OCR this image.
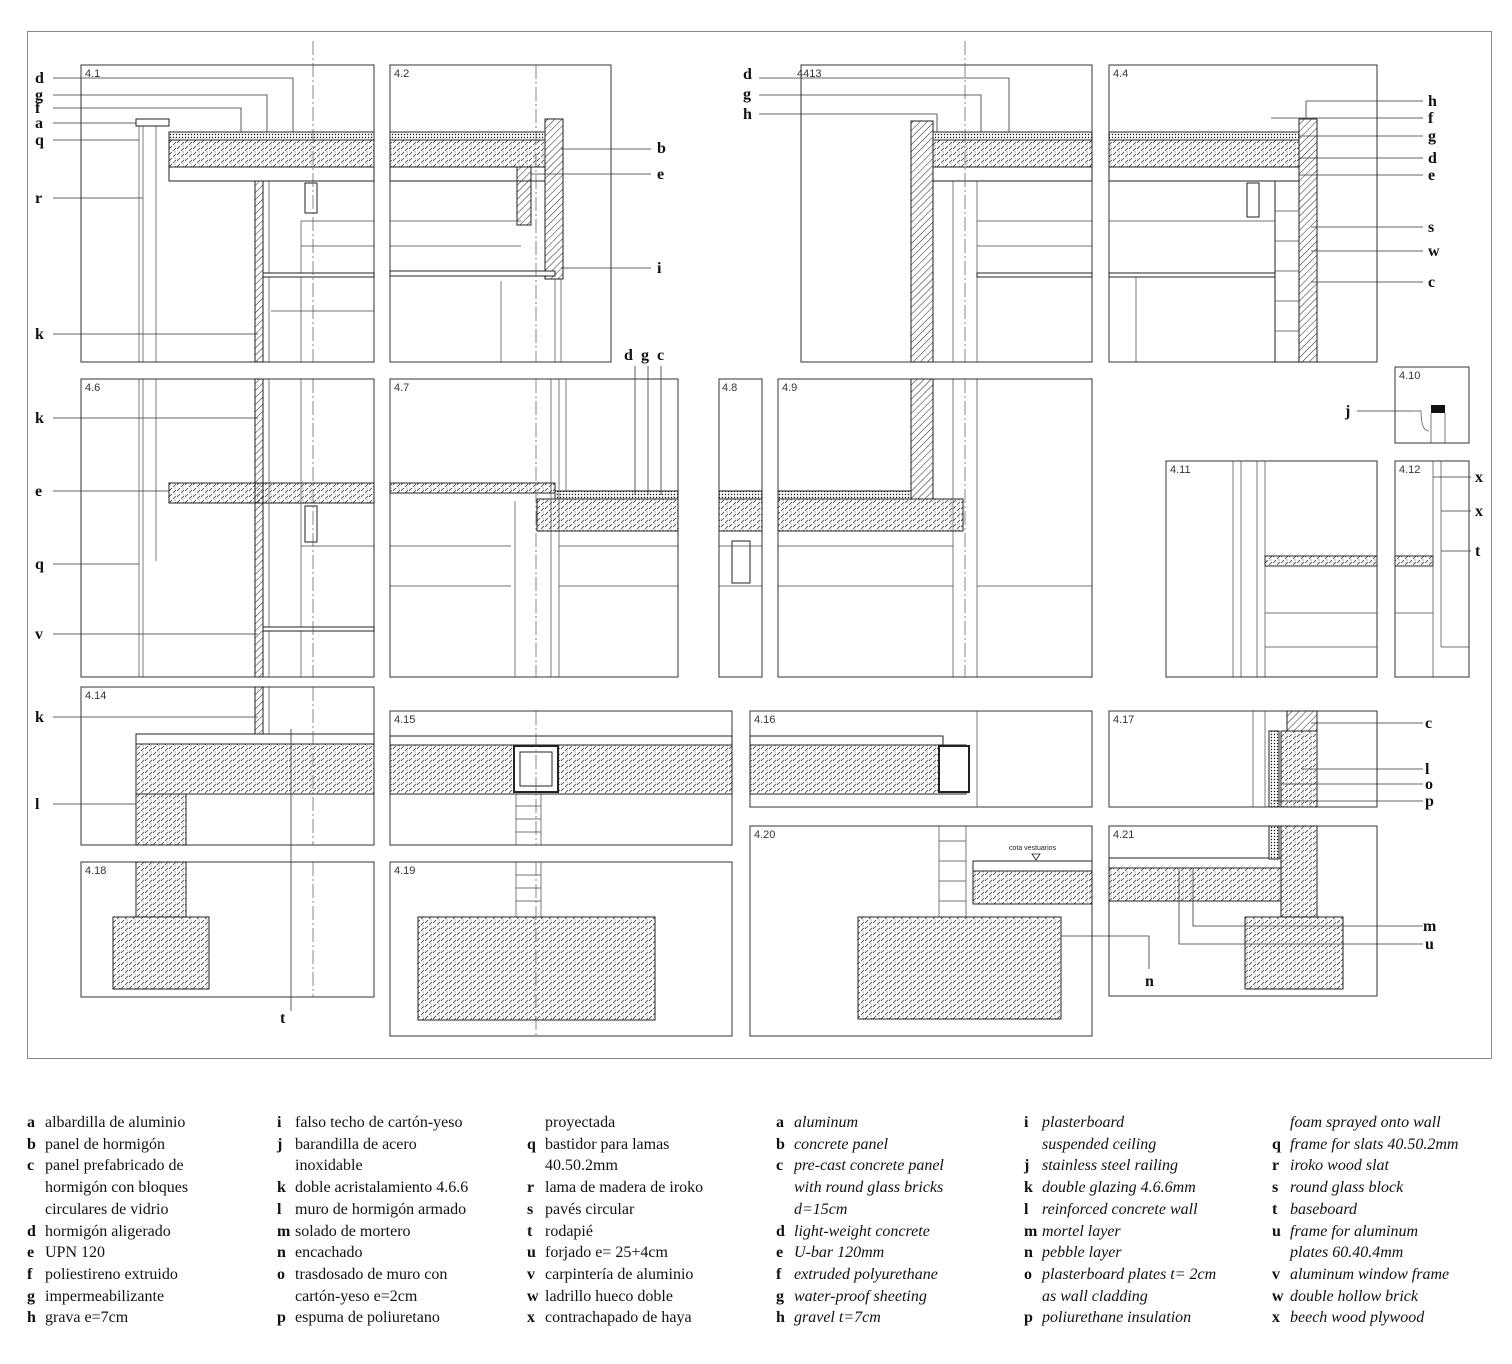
4.1	4.2	4413	4.4
4.6	4.7	4.8	4.9
4.10
4.11	4.12
4.14
4.15	4.16	4.17
4.18	4.19
4.20
cota vestuarios
4.21
d
g
f
a
q
r
k
k
e
q
v
k
l
t
b
e
i
d g c
d
g
h
h
f
g
d
e
s
w
c
j
x
x
t
c
l
o
p
m
u
n
a albardilla de aluminio
b panel de hormigón
c panel prefabricado de
hormigón con bloques
circulares de vidrio
d hormigón aligerado
e UPN 120
f poliestireno extruido
g impermeabilizante
h grava e=7cm
i falso techo de cartón-yeso
j barandilla de acero
inoxidable
k doble acristalamiento 4.6.6
l muro de hormigón armado
m solado de mortero
n encachado
o trasdosado de muro con
cartón-yeso e=2cm
p espuma de poliuretano
proyectada
q bastidor para lamas
40.50.2mm
r lama de madera de iroko
s pavés circular
t rodapié
u forjado e= 25+4cm
v carpintería de aluminio
w ladrillo hueco doble
x contrachapado de haya
a aluminum
b concrete panel
c pre-cast concrete panel
with round glass bricks
d=15cm
d light-weight concrete
e U-bar 120mm
f extruded polyurethane
g water-proof sheeting
h gravel t=7cm
i plasterboard
suspended ceiling
j stainless steel railing
k double glazing 4.6.6mm
l reinforced concrete wall
m mortel layer
n pebble layer
o plasterboard plates t= 2cm
as wall cladding
p poliurethane insulation
foam sprayed onto wall
q frame for slats 40.50.2mm
r iroko wood slat
s round glass block
t baseboard
u frame for aluminum
plates 60.40.4mm
v aluminum window frame
w double hollow brick
x beech wood plywood
